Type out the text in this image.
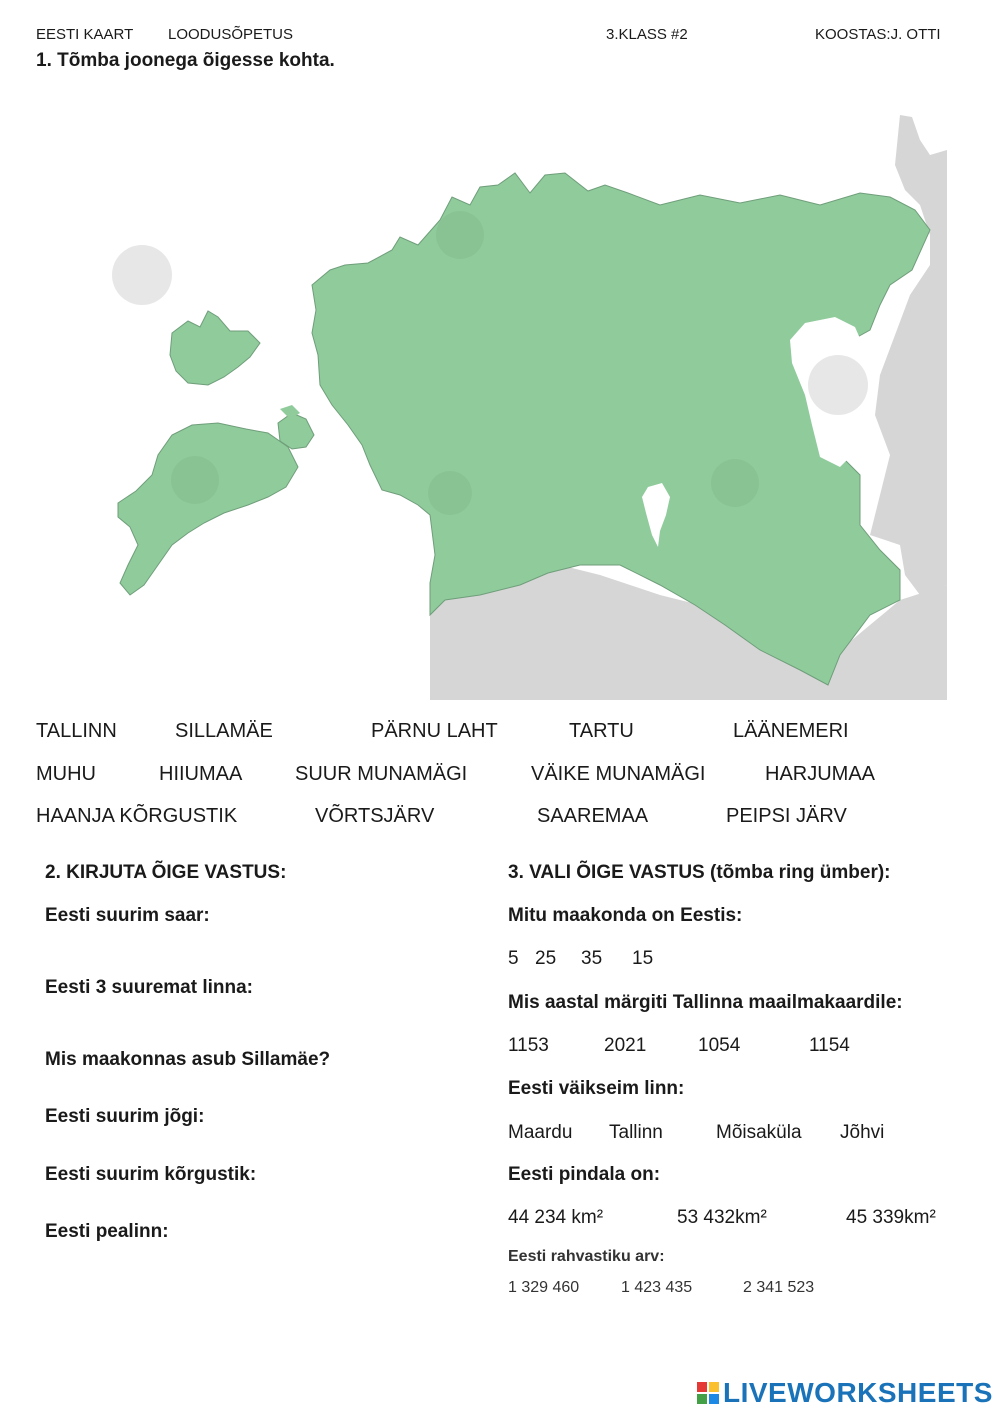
EESTI KAART LOODUSÕPETUS	3.KLASS #2	KOOSTAS:J. OTTI
1. Tõmba joonega õigesse kohta.
TALLINN	SILLAMÄE	PÄRNU LAHT	TARTU	LÄÄNEMERI
MUHU	HIIUMAA	SUUR MUNAMÄGI	VÄIKE MUNAMÄGI	HARJUMAA
HAANJA KÕRGUSTIK	VÕRTSJÄRV	SAAREMAA	PEIPSI JÄRV
2. KIRJUTA ÕIGE VASTUS:
Eesti suurim saar:
Eesti 3 suuremat linna:
Mis maakonnas asub Sillamäe?
Eesti suurim jõgi:
Eesti suurim kõrgustik:
Eesti pealinn:
3. VALI ÕIGE VASTUS (tõmba ring ümber):
Mitu maakonda on Eestis:
5 25 35 15
Mis aastal märgiti Tallinna maailmakaardile:
1153	2021	1054	1154
Eesti väikseim linn:
Maardu Tallinn	Mõisaküla Jõhvi
Eesti pindala on:
44 234 km²	53 432km²	45 339km²
Eesti rahvastiku arv:
1 329 460	1 423 435	2 341 523
LIVEWORKSHEETS
